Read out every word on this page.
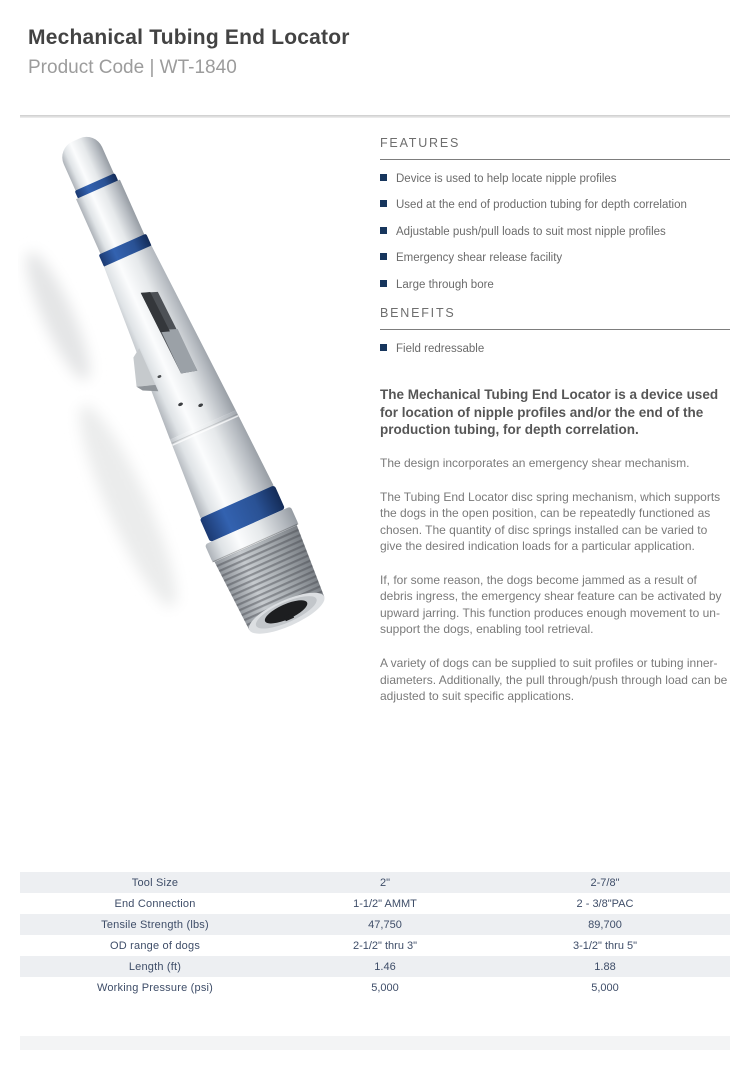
Mechanical Tubing End Locator
Product Code | WT-1840
FEATURES
Device is used to help locate nipple profiles
Used at the end of production tubing for depth correlation
Adjustable push/pull loads to suit most nipple profiles
Emergency shear release facility
Large through bore
BENEFITS
Field redressable

The Mechanical Tubing End Locator is a device used for location of nipple profiles and/or the end of the production tubing, for depth correlation.

The design incorporates an emergency shear mechanism.

The Tubing End Locator disc spring mechanism, which supports the dogs in the open position, can be repeatedly functioned as chosen. The quantity of disc springs installed can be varied to give the desired indication loads for a particular application.

If, for some reason, the dogs become jammed as a result of debris ingress, the emergency shear feature can be activated by upward jarring. This function produces enough movement to un-support the dogs, enabling tool retrieval.

A variety of dogs can be supplied to suit profiles or tubing inner-diameters. Additionally, the pull through/push through load can be adjusted to suit specific applications.

Tool Size	2"	2-7/8"
End Connection	1-1/2" AMMT	2 - 3/8"PAC
Tensile Strength (lbs)	47,750	89,700
OD range of dogs	2-1/2" thru 3"	3-1/2" thru 5"
Length (ft)	1.46	1.88
Working Pressure (psi)	5,000	5,000
